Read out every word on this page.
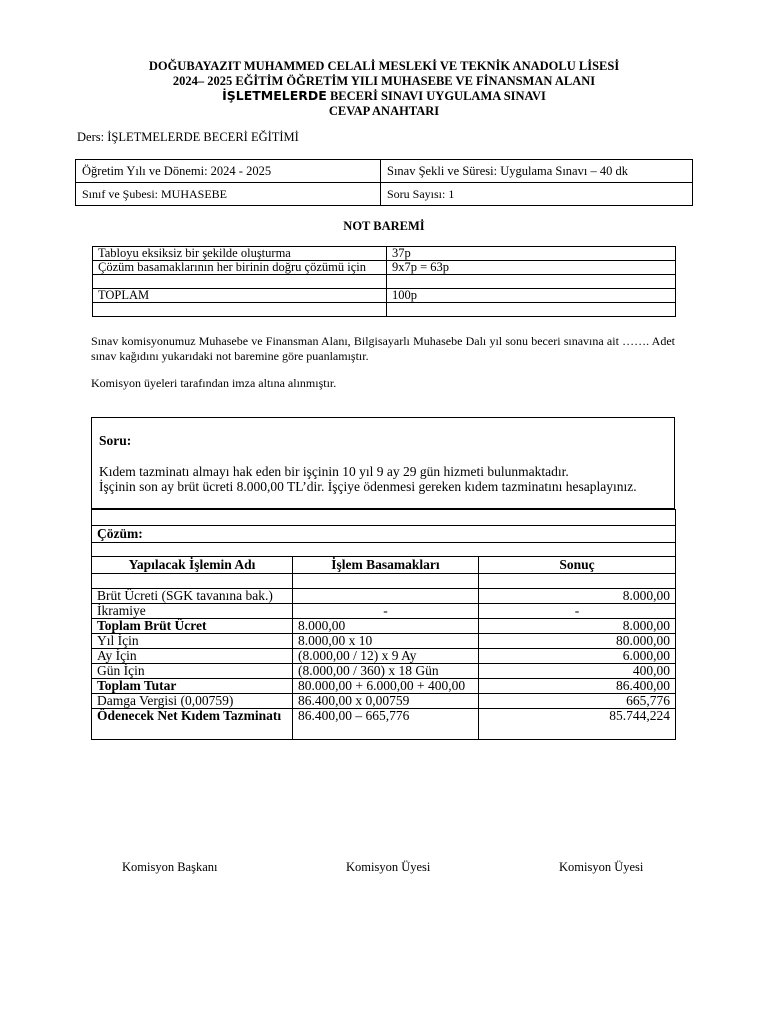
DOĞUBAYAZIT MUHAMMED CELALİ MESLEKİ VE TEKNİK ANADOLU LİSESİ
2024– 2025 EĞİTİM ÖĞRETİM YILI MUHASEBE VE FİNANSMAN ALANI
İŞLETMELERDE BECERİ SINAVI UYGULAMA SINAVI
CEVAP ANAHTARI
Ders: İŞLETMELERDE BECERİ EĞİTİMİ
Öğretim Yılı ve Dönemi: 2024 - 2025	Sınav Şekli ve Süresi: Uygulama Sınavı – 40 dk
Sınıf ve Şubesi: MUHASEBE	Soru Sayısı: 1
NOT BAREMİ
Tabloyu eksiksiz bir şekilde oluşturma	37p
Çözüm basamaklarının her birinin doğru çözümü için	9x7p = 63p

TOPLAM	100p

Sınav komisyonumuz Muhasebe ve Finansman Alanı, Bilgisayarlı Muhasebe Dalı yıl sonu beceri sınavına ait ……. Adet sınav kağıdını yukarıdaki not baremine göre puanlamıştır.
Komisyon üyeleri tarafından imza altına alınmıştır.
Soru:
Kıdem tazminatı almayı hak eden bir işçinin 10 yıl 9 ay 29 gün hizmeti bulunmaktadır.
İşçinin son ay brüt ücreti 8.000,00 TL’dir. İşçiye ödenmesi gereken kıdem tazminatını hesaplayınız.

Çözüm:		

Yapılacak İşlemin Adı	İşlem Basamakları	Sonuç

Brüt Ücreti (SGK tavanına bak.)		8.000,00
İkramiye	-	-
Toplam Brüt Ücret	8.000,00	8.000,00
Yıl İçin	8.000,00 x 10	80.000,00
Ay İçin	(8.000,00 / 12) x 9 Ay	6.000,00
Gün İçin	(8.000,00 / 360) x 18 Gün	400,00
Toplam Tutar	80.000,00 + 6.000,00 + 400,00	86.400,00
Damga Vergisi (0,00759)	86.400,00 x 0,00759	665,776
Ödenecek Net Kıdem Tazminatı	86.400,00 – 665,776	85.744,224
Komisyon Başkanı	Komisyon Üyesi	Komisyon Üyesi
